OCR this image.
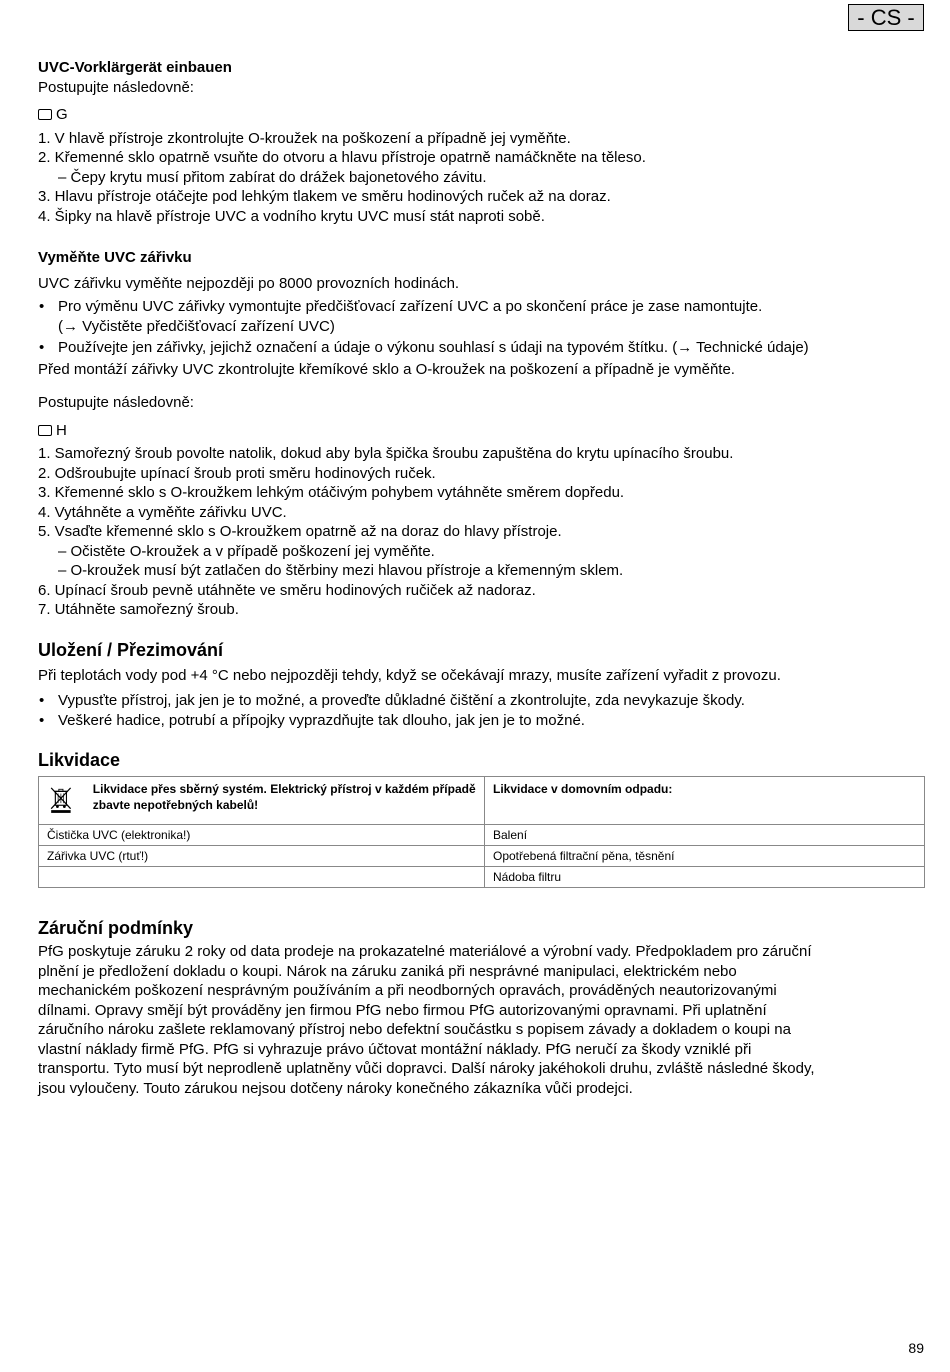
- CS -
UVC-Vorklärgerät einbauen

Postupujte následovně:

G

1. V hlavě přístroje zkontrolujte O-kroužek na poškození a případně jej vyměňte.

2. Křemenné sklo opatrně vsuňte do otvoru a hlavu přístroje opatrně namáčkněte na těleso.

– Čepy krytu musí přitom zabírat do drážek bajonetového závitu.

3. Hlavu přístroje otáčejte pod lehkým tlakem ve směru hodinových ruček až na doraz.

4. Šipky na hlavě přístroje UVC a vodního krytu UVC musí stát naproti sobě.

Vyměňte UVC zářivku

UVC zářivku vyměňte nejpozději po 8000 provozních hodinách.

• Pro výměnu UVC zářivky vymontujte předčišťovací zařízení UVC a po skončení práce je zase namontujte.

(→ Vyčistěte předčišťovací zařízení UVC)

• Používejte jen zářivky, jejichž označení a údaje o výkonu souhlasí s údaji na typovém štítku. (→ Technické údaje)

Před montáží zářivky UVC zkontrolujte křemíkové sklo a O-kroužek na poškození a případně je vyměňte.

Postupujte následovně:

H

1. Samořezný šroub povolte natolik, dokud aby byla špička šroubu zapuštěna do krytu upínacího šroubu.

2. Odšroubujte upínací šroub proti směru hodinových ruček.

3. Křemenné sklo s O-kroužkem lehkým otáčivým pohybem vytáhněte směrem dopředu.

4. Vytáhněte a vyměňte zářivku UVC.

5. Vsaďte křemenné sklo s O-kroužkem opatrně až na doraz do hlavy přístroje.

– Očistěte O-kroužek a v případě poškození jej vyměňte.

– O-kroužek musí být zatlačen do štěrbiny mezi hlavou přístroje a křemenným sklem.

6. Upínací šroub pevně utáhněte ve směru hodinových ručiček až nadoraz.

7. Utáhněte samořezný šroub.

Uložení / Přezimování

Při teplotách vody pod +4 °C nebo nejpozději tehdy, když se očekávají mrazy, musíte zařízení vyřadit z provozu.

• Vypusťte přístroj, jak jen je to možné, a proveďte důkladné čištění a zkontrolujte, zda nevykazuje škody.

• Veškeré hadice, potrubí a přípojky vyprazdňujte tak dlouho, jak jen je to možné.

Likvidace
Likvidace přes sběrný systém. Elektrický přístroj v každém případě zbavte nepotřebných kabelů!	Likvidace v domovním odpadu:

Čistička UVC (elektronika!)	Balení
Zářivka UVC (rtuť!)	Opotřebená filtrační pěna, těsnění
	Nádoba filtru
Záruční podmínky

PfG poskytuje záruku 2 roky od data prodeje na prokazatelné materiálové a výrobní vady. Předpokladem pro záruční

plnění je předložení dokladu o koupi. Nárok na záruku zaniká při nesprávné manipulaci, elektrickém nebo

mechanickém poškození nesprávným používáním a při neodborných opravách, prováděných neautorizovanými

dílnami. Opravy smějí být prováděny jen firmou PfG nebo firmou PfG autorizovanými opravnami. Při uplatnění

záručního nároku zašlete reklamovaný přístroj nebo defektní součástku s popisem závady a dokladem o koupi na

vlastní náklady firmě PfG. PfG si vyhrazuje právo účtovat montážní náklady. PfG neručí za škody vzniklé při

transportu. Tyto musí být neprodleně uplatněny vůči dopravci. Další nároky jakéhokoli druhu, zvláště následné škody,

jsou vyloučeny. Touto zárukou nejsou dotčeny nároky konečného zákazníka vůči prodejci.

89
